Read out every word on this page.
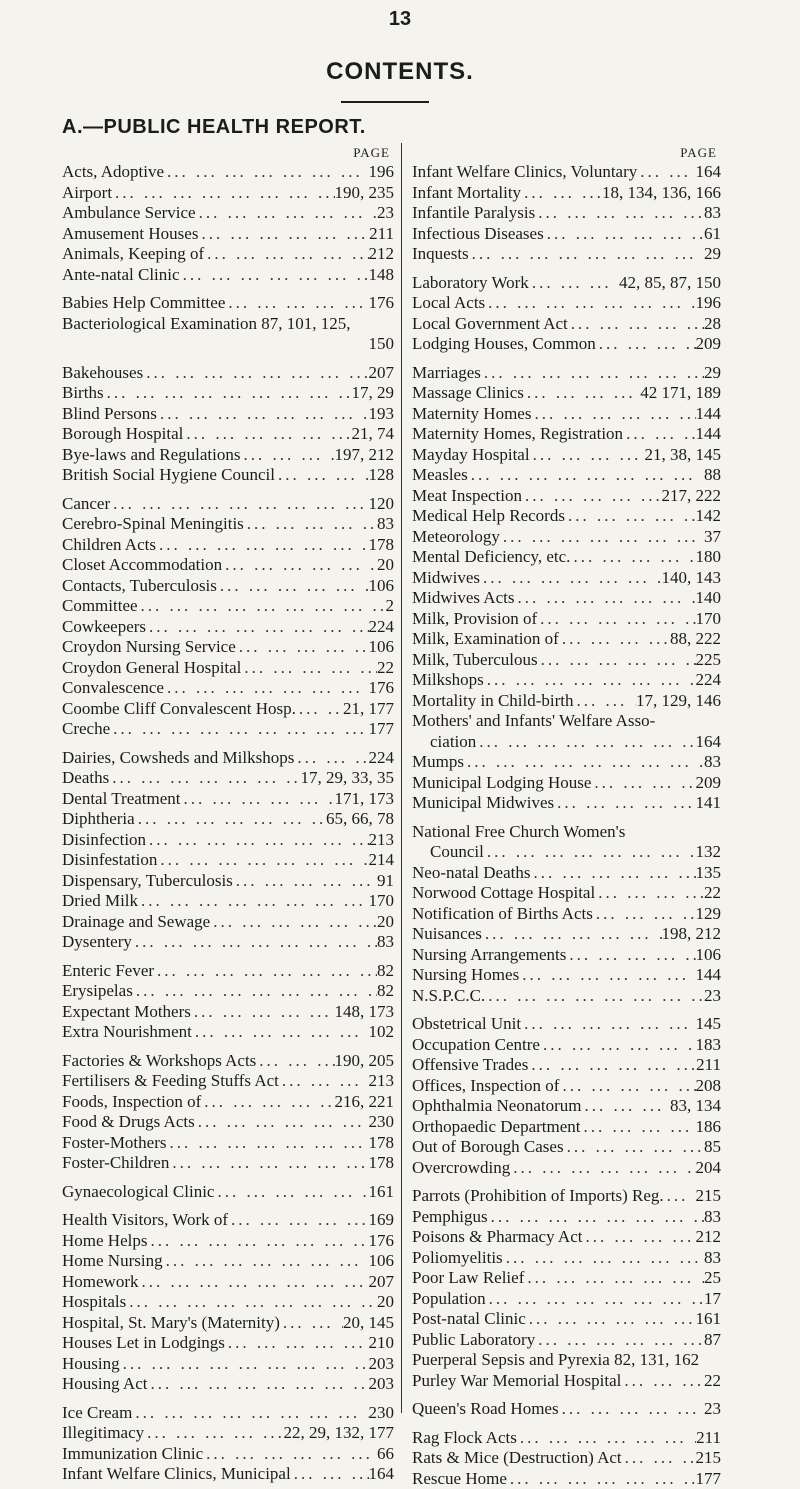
13
CONTENTS.
A.—PUBLIC HEALTH REPORT.
PAGE
Acts, Adoptive ... .	196
Airport ... .	190, 235
Ambulance Service ... .	23
Amusement Houses ... .	211
Animals, Keeping of ... .	212
Ante-natal Clinic ... .	148
Babies Help Committee ... .	176
Bacteriological Examination 87, 101, 125,
150
Bakehouses ... .	207
Births ... .	17, 29
Blind Persons ... .	193
Borough Hospital ... .	21, 74
Bye-laws and Regulations ... .	197, 212
British Social Hygiene Council ... .	128
Cancer ... .	120
Cerebro-Spinal Meningitis ... .	83
Children Acts ... .	178
Closet Accommodation ... .	20
Contacts, Tuberculosis ... .	106
Committee ... .	2
Cowkeepers ... .	224
Croydon Nursing Service ... .	106
Croydon General Hospital ... .	22
Convalescence ... .	176
Coombe Cliff Convalescent Hosp. ... .	21, 177
Creche ... .	177
Dairies, Cowsheds and Milkshops ... .	224
Deaths ... .	17, 29, 33, 35
Dental Treatment ... .	171, 173
Diphtheria ... .	65, 66, 78
Disinfection ... .	213
Disinfestation ... .	214
Dispensary, Tuberculosis ... .	91
Dried Milk ... .	170
Drainage and Sewage ... .	20
Dysentery ... .	83
Enteric Fever ... .	82
Erysipelas ... .	82
Expectant Mothers ... .	148, 173
Extra Nourishment ... .	102
Factories & Workshops Acts ... .	190, 205
Fertilisers & Feeding Stuffs Act ... .	213
Foods, Inspection of ... .	216, 221
Food & Drugs Acts ... .	230
Foster-Mothers ... .	178
Foster-Children ... .	178
Gynaecological Clinic ... .	161
Health Visitors, Work of ... .	169
Home Helps ... .	176
Home Nursing ... .	106
Homework ... .	207
Hospitals ... .	20
Hospital, St. Mary's (Maternity) ... .	20, 145
Houses Let in Lodgings ... .	210
Housing ... .	203
Housing Act ... .	203
Ice Cream ... .	230
Illegitimacy ... .	22, 29, 132, 177
Immunization Clinic ... .	66
Infant Welfare Clinics, Municipal ... .	164
PAGE
Infant Welfare Clinics, Voluntary ... .	164
Infant Mortality ... .	18, 134, 136, 166
Infantile Paralysis ... .	83
Infectious Diseases ... .	61
Inquests ... .	29
Laboratory Work ... .	42, 85, 87, 150
Local Acts ... .	196
Local Government Act ... .	28
Lodging Houses, Common ... .	209
Marriages ... .	29
Massage Clinics ... .	42 171, 189
Maternity Homes ... .	144
Maternity Homes, Registration ... .	144
Mayday Hospital ... .	21, 38, 145
Measles ... .	88
Meat Inspection ... .	217, 222
Medical Help Records ... .	142
Meteorology ... .	37
Mental Deficiency, etc. ... .	180
Midwives ... .	140, 143
Midwives Acts ... .	140
Milk, Provision of ... .	170
Milk, Examination of ... .	88, 222
Milk, Tuberculous ... .	225
Milkshops ... .	224
Mortality in Child-birth ... .	17, 129, 146
Mothers' and Infants' Welfare Asso-
ciation ... .	164
Mumps ... .	83
Municipal Lodging House ... .	209
Municipal Midwives ... .	141
National Free Church Women's
Council ... .	132
Neo-natal Deaths ... .	135
Norwood Cottage Hospital ... .	22
Notification of Births Acts ... .	129
Nuisances ... .	198, 212
Nursing Arrangements ... .	106
Nursing Homes ... .	144
N.S.P.C.C. ... .	23
Obstetrical Unit ... .	145
Occupation Centre ... .	183
Offensive Trades ... .	211
Offices, Inspection of ... .	208
Ophthalmia Neonatorum ... .	83, 134
Orthopaedic Department ... .	186
Out of Borough Cases ... .	85
Overcrowding ... .	204
Parrots (Prohibition of Imports) Reg. ... . 215
Pemphigus ... .	83
Poisons & Pharmacy Act ... .	212
Poliomyelitis ... .	83
Poor Law Relief ... .	25
Population ... .	17
Post-natal Clinic ... .	161
Public Laboratory ... .	87
Puerperal Sepsis and Pyrexia 82, 131, 162
Purley War Memorial Hospital ... .	22
Queen's Road Homes ... .	23
Rag Flock Acts ... .	211
Rats & Mice (Destruction) Act ... .	215
Rescue Home ... .	177
